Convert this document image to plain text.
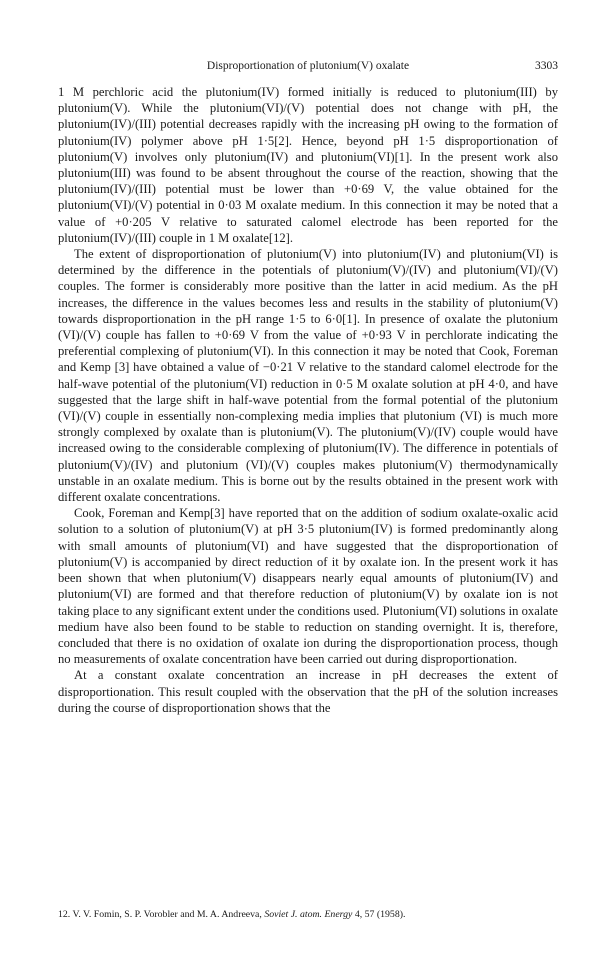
Disproportionation of plutonium(V) oxalate	3303

1 M perchloric acid the plutonium(IV) formed initially is reduced to plutonium(III) by plutonium(V). While the plutonium(VI)/(V) potential does not change with pH, the plutonium(IV)/(III) potential decreases rapidly with the increasing pH owing to the formation of plutonium(IV) polymer above pH 1·5[2]. Hence, beyond pH 1·5 disproportionation of plutonium(V) involves only plutonium(IV) and plutonium(VI)[1]. In the present work also plutonium(III) was found to be absent throughout the course of the reaction, showing that the plutonium(IV)/(III) potential must be lower than +0·69 V, the value obtained for the plutonium(VI)/(V) potential in 0·03 M oxalate medium. In this connection it may be noted that a value of +0·205 V relative to saturated calomel electrode has been reported for the plutonium(IV)/(III) couple in 1 M oxalate[12].

The extent of disproportionation of plutonium(V) into plutonium(IV) and plutonium(VI) is determined by the difference in the potentials of plutonium(V)/(IV) and plutonium(VI)/(V) couples. The former is considerably more positive than the latter in acid medium. As the pH increases, the difference in the values becomes less and results in the stability of plutonium(V) towards disproportionation in the pH range 1·5 to 6·0[1]. In presence of oxalate the plutonium (VI)/(V) couple has fallen to +0·69 V from the value of +0·93 V in perchlorate indicating the preferential complexing of plutonium(VI). In this connection it may be noted that Cook, Foreman and Kemp [3] have obtained a value of −0·21 V relative to the standard calomel electrode for the half-wave potential of the plutonium(VI) reduction in 0·5 M oxalate solution at pH 4·0, and have suggested that the large shift in half-wave potential from the formal potential of the plutonium (VI)/(V) couple in essentially non-complexing media implies that plutonium (VI) is much more strongly complexed by oxalate than is plutonium(V). The plutonium(V)/(IV) couple would have increased owing to the considerable complexing of plutonium(IV). The difference in potentials of plutonium(V)/(IV) and plutonium (VI)/(V) couples makes plutonium(V) thermodynamically unstable in an oxalate medium. This is borne out by the results obtained in the present work with different oxalate concentrations.

Cook, Foreman and Kemp[3] have reported that on the addition of sodium oxalate-oxalic acid solution to a solution of plutonium(V) at pH 3·5 plutonium(IV) is formed predominantly along with small amounts of plutonium(VI) and have suggested that the disproportionation of plutonium(V) is accompanied by direct reduction of it by oxalate ion. In the present work it has been shown that when plutonium(V) disappears nearly equal amounts of plutonium(IV) and plutonium(VI) are formed and that therefore reduction of plutonium(V) by oxalate ion is not taking place to any significant extent under the conditions used. Plutonium(VI) solutions in oxalate medium have also been found to be stable to reduction on standing overnight. It is, therefore, concluded that there is no oxidation of oxalate ion during the disproportionation process, though no measurements of oxalate concentration have been carried out during disproportionation.

At a constant oxalate concentration an increase in pH decreases the extent of disproportionation. This result coupled with the observation that the pH of the solution increases during the course of disproportionation shows that the

12. V. V. Fomin, S. P. Vorobler and M. A. Andreeva, Soviet J. atom. Energy 4, 57 (1958).
